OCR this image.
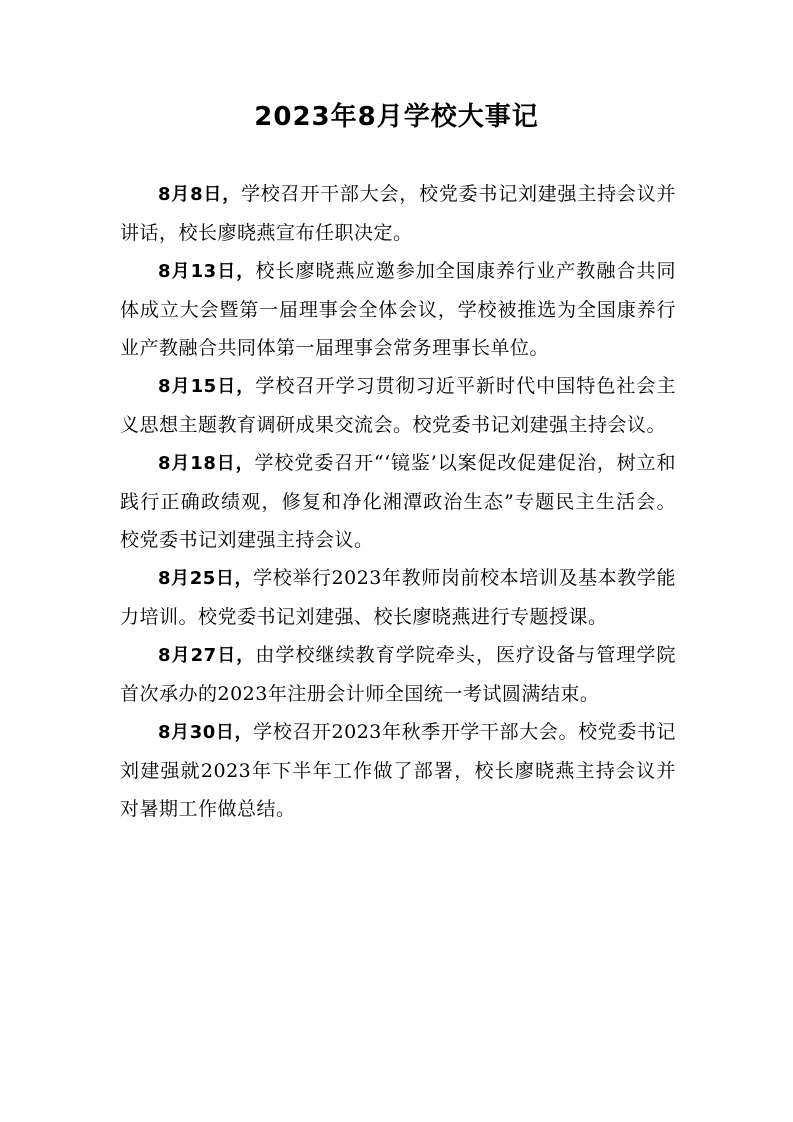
2023年8月学校大事记

8月8日，学校召开干部大会，校党委书记刘建强主持会议并讲话，校长廖晓燕宣布任职决定。

8月13日，校长廖晓燕应邀参加全国康养行业产教融合共同体成立大会暨第一届理事会全体会议，学校被推选为全国康养行业产教融合共同体第一届理事会常务理事长单位。

8月15日，学校召开学习贯彻习近平新时代中国特色社会主义思想主题教育调研成果交流会。校党委书记刘建强主持会议。

8月18日，学校党委召开“‘镜鉴’以案促改促建促治，树立和践行正确政绩观，修复和净化湘潭政治生态”专题民主生活会。校党委书记刘建强主持会议。

8月25日，学校举行2023年教师岗前校本培训及基本教学能力培训。校党委书记刘建强、校长廖晓燕进行专题授课。

8月27日，由学校继续教育学院牵头，医疗设备与管理学院首次承办的2023年注册会计师全国统一考试圆满结束。

8月30日，学校召开2023年秋季开学干部大会。校党委书记刘建强就2023年下半年工作做了部署，校长廖晓燕主持会议并对暑期工作做总结。
